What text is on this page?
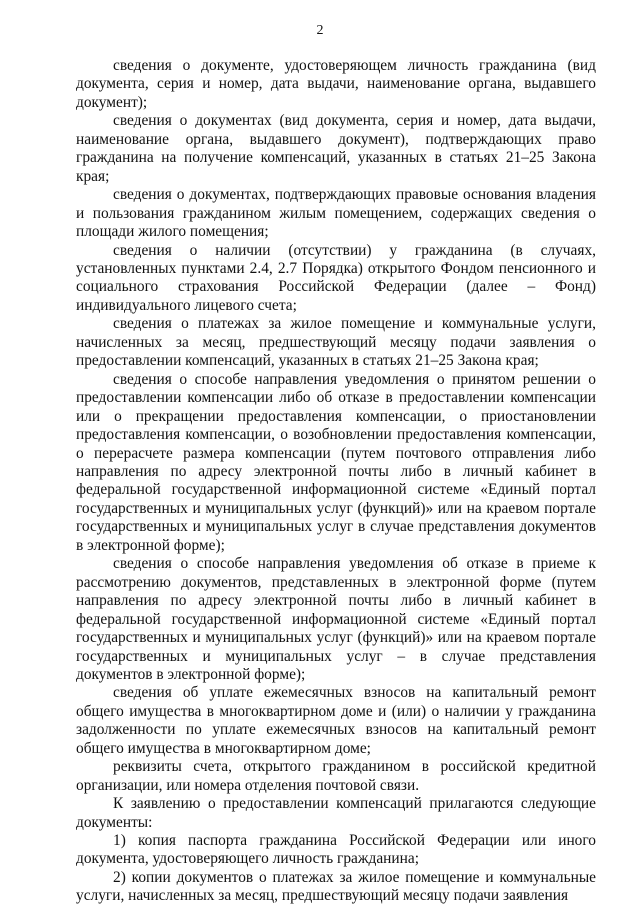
2

сведения о документе, удостоверяющем личность гражданина (вид документа, серия и номер, дата выдачи, наименование органа, выдавшего документ);

сведения о документах (вид документа, серия и номер, дата выдачи, наименование органа, выдавшего документ), подтверждающих право гражданина на получение компенсаций, указанных в статьях 21–25 Закона края;

сведения о документах, подтверждающих правовые основания владения и пользования гражданином жилым помещением, содержащих сведения о площади жилого помещения;

сведения о наличии (отсутствии) у гражданина (в случаях, установленных пунктами 2.4, 2.7 Порядка) открытого Фондом пенсионного и социального страхования Российской Федерации (далее – Фонд) индивидуального лицевого счета;

сведения о платежах за жилое помещение и коммунальные услуги, начисленных за месяц, предшествующий месяцу подачи заявления о предоставлении компенсаций, указанных в статьях 21–25 Закона края;

сведения о способе направления уведомления о принятом решении о предоставлении компенсации либо об отказе в предоставлении компенсации или о прекращении предоставления компенсации, о приостановлении предоставления компенсации, о возобновлении предоставления компенсации, о перерасчете размера компенсации (путем почтового отправления либо направления по адресу электронной почты либо в личный кабинет в федеральной государственной информационной системе «Единый портал государственных и муниципальных услуг (функций)» или на краевом портале государственных и муниципальных услуг в случае представления документов в электронной форме);

сведения о способе направления уведомления об отказе в приеме к рассмотрению документов, представленных в электронной форме (путем направления по адресу электронной почты либо в личный кабинет в федеральной государственной информационной системе «Единый портал государственных и муниципальных услуг (функций)» или на краевом портале государственных и муниципальных услуг – в случае представления документов в электронной форме);

сведения об уплате ежемесячных взносов на капитальный ремонт общего имущества в многоквартирном доме и (или) о наличии у гражданина задолженности по уплате ежемесячных взносов на капитальный ремонт общего имущества в многоквартирном доме;

реквизиты счета, открытого гражданином в российской кредитной организации, или номера отделения почтовой связи.

К заявлению о предоставлении компенсаций прилагаются следующие документы:

1) копия паспорта гражданина Российской Федерации или иного документа, удостоверяющего личность гражданина;

2) копии документов о платежах за жилое помещение и коммунальные услуги, начисленных за месяц, предшествующий месяцу подачи заявления
